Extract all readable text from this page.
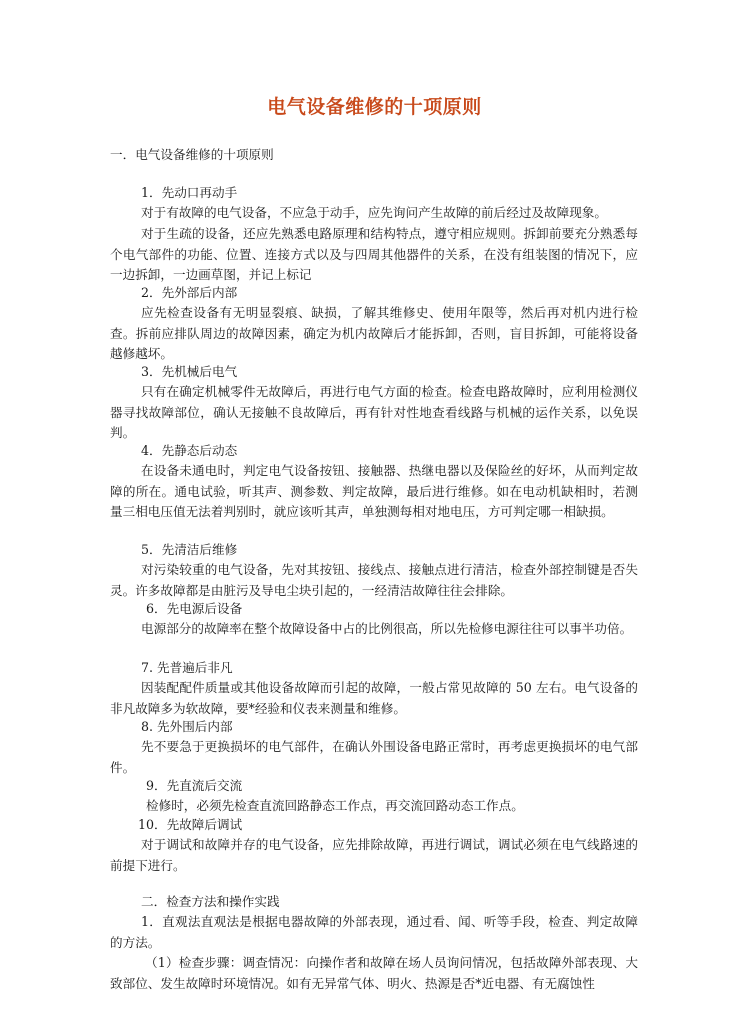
电气设备维修的十项原则
一．电气设备维修的十项原则
1．先动口再动手
对于有故障的电气设备，不应急于动手，应先询问产生故障的前后经过及故障现象。
对于生疏的设备，还应先熟悉电路原理和结构特点，遵守相应规则。拆卸前要充分熟悉每个电气部件的功能、位置、连接方式以及与四周其他器件的关系，在没有组装图的情况下，应一边拆卸，一边画草图，并记上标记
2．先外部后内部
应先检查设备有无明显裂痕、缺损，了解其维修史、使用年限等，然后再对机内进行检查。拆前应排队周边的故障因素，确定为机内故障后才能拆卸，否则，盲目拆卸，可能将设备越修越坏。
3．先机械后电气
只有在确定机械零件无故障后，再进行电气方面的检查。检查电路故障时，应利用检测仪器寻找故障部位，确认无接触不良故障后，再有针对性地查看线路与机械的运作关系，以免误判。
4．先静态后动态
在设备未通电时，判定电气设备按钮、接触器、热继电器以及保险丝的好坏，从而判定故障的所在。通电试验，听其声、测参数、判定故障，最后进行维修。如在电动机缺相时，若测量三相电压值无法着判别时，就应该听其声，单独测每相对地电压，方可判定哪一相缺损。
5．先清洁后维修
对污染较重的电气设备，先对其按钮、接线点、接触点进行清洁，检查外部控制键是否失灵。许多故障都是由脏污及导电尘块引起的，一经清洁故障往往会排除。
6．先电源后设备
电源部分的故障率在整个故障设备中占的比例很高，所以先检修电源往往可以事半功倍。
7. 先普遍后非凡
因装配配件质量或其他设备故障而引起的故障，一般占常见故障的 50 左右。电气设备的非凡故障多为软故障，要*经验和仪表来测量和维修。
8. 先外围后内部
先不要急于更换损坏的电气部件，在确认外围设备电路正常时，再考虑更换损坏的电气部件。
9．先直流后交流
检修时，必须先检查直流回路静态工作点，再交流回路动态工作点。
10．先故障后调试
对于调试和故障并存的电气设备，应先排除故障，再进行调试，调试必须在电气线路速的前提下进行。
二．检查方法和操作实践
1．直观法直观法是根据电器故障的外部表现，通过看、闻、听等手段，检查、判定故障的方法。
（1）检查步骤：调查情况：向操作者和故障在场人员询问情况，包括故障外部表现、大致部位、发生故障时环境情况。如有无异常气体、明火、热源是否*近电器、有无腐蚀性
